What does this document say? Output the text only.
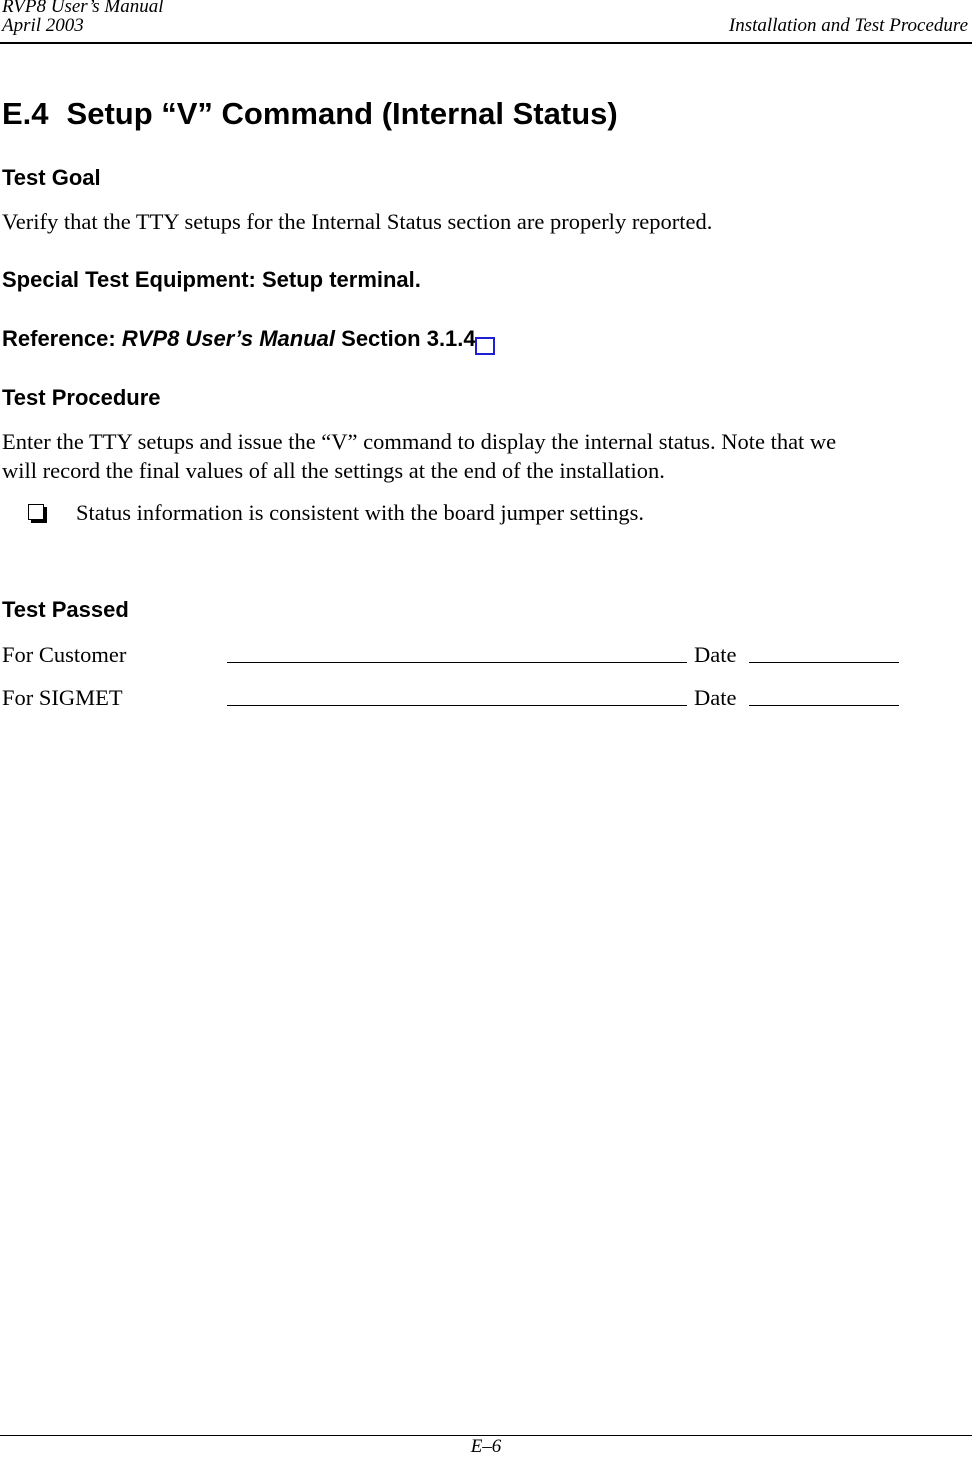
RVP8 User’s Manual
April 2003	Installation and Test Procedure
E.4 Setup “V” Command (Internal Status)
Test Goal
Verify that the TTY setups for the Internal Status section are properly reported.
Special Test Equipment: Setup terminal.
Reference: RVP8 User’s Manual Section 3.1.4
Test Procedure
Enter the TTY setups and issue the “V” command to display the internal status. Note that we
will record the final values of all the settings at the end of the installation.
Status information is consistent with the board jumper settings.
Test Passed
For Customer	Date
For SIGMET	Date
E–6
